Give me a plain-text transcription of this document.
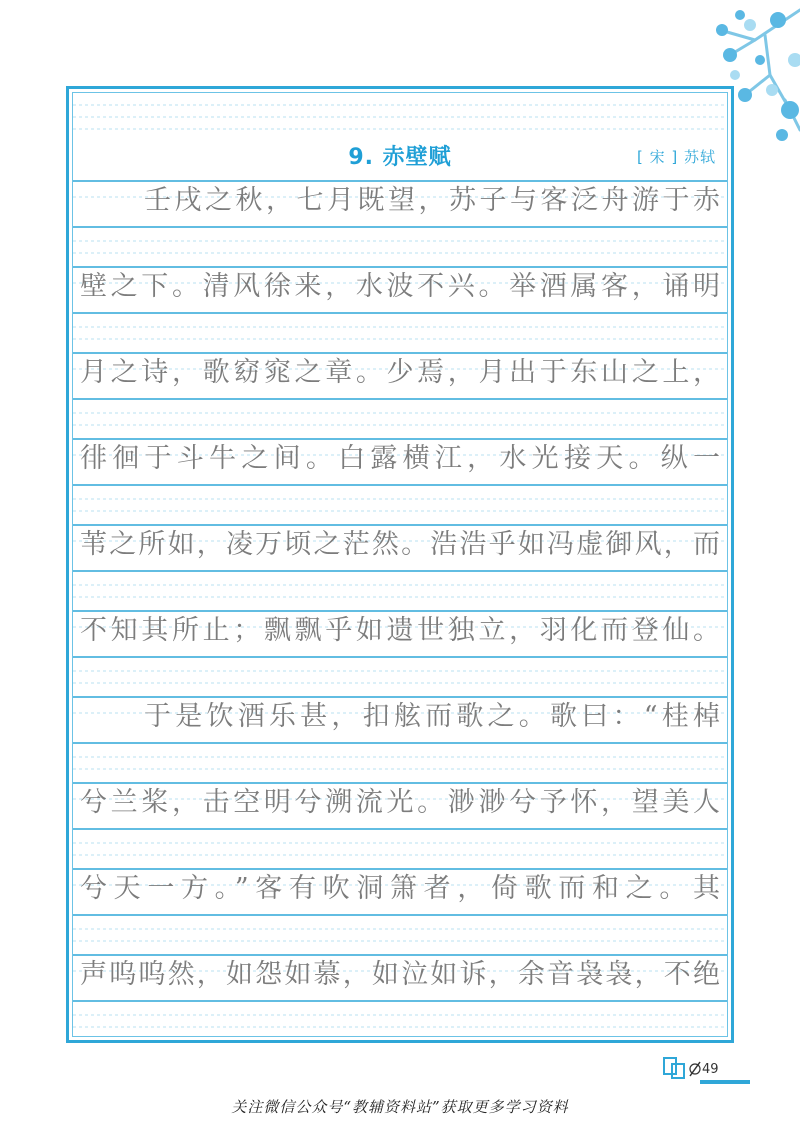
9. 赤壁赋	[ 宋 ] 苏轼
壬戌之秋，七月既望，苏子与客泛舟游于赤
壁之下。清风徐来，水波不兴。举酒属客，诵明
月之诗，歌窈窕之章。少焉，月出于东山之上，
徘徊于斗牛之间。白露横江，水光接天。纵一
苇之所如，凌万顷之茫然。浩浩乎如冯虚御风，而
不知其所止；飘飘乎如遗世独立，羽化而登仙。
于是饮酒乐甚，扣舷而歌之。歌曰：“桂棹
兮兰桨，击空明兮溯流光。渺渺兮予怀，望美人
兮天一方。”客有吹洞箫者，倚歌而和之。其
声呜呜然，如怨如慕，如泣如诉，余音袅袅，不绝
49
关注微信公众号“教辅资料站”获取更多学习资料
